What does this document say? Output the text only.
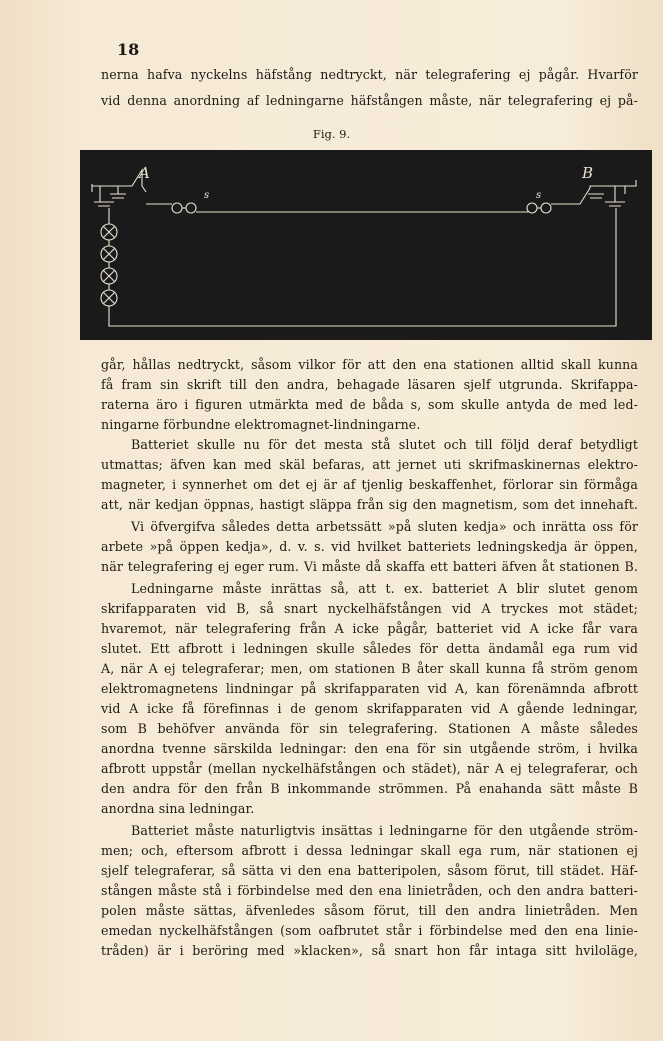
18
nerna hafva nyckelns häfstång nedtryckt, när telegrafering ej pågår. Hvarför
vid denna anordning af ledningarne häfstången måste, när telegrafering ej på-
Fig. 9.
A	B
s	s
går, hållas nedtryckt, såsom vilkor för att den ena stationen alltid skall kunna
få fram sin skrift till den andra, behagade läsaren sjelf utgrunda. Skrifappa-
raterna äro i figuren utmärkta med de båda s, som skulle antyda de med led-
ningarne förbundne elektromagnet-lindningarne.
Batteriet skulle nu för det mesta stå slutet och till följd deraf betydligt
utmattas; äfven kan med skäl befaras, att jernet uti skrifmaskinernas elektro-
magneter, i synnerhet om det ej är af tjenlig beskaffenhet, förlorar sin förmåga
att, när kedjan öppnas, hastigt släppa från sig den magnetism, som det innehaft.
Vi öfvergifva således detta arbetssätt »på sluten kedja» och inrätta oss för
arbete »på öppen kedja», d. v. s. vid hvilket batteriets ledningskedja är öppen,
när telegrafering ej eger rum. Vi måste då skaffa ett batteri äfven åt stationen B.
Ledningarne måste inrättas så, att t. ex. batteriet A blir slutet genom
skrifapparaten vid B, så snart nyckelhäfstången vid A tryckes mot städet;
hvaremot, när telegrafering från A icke pågår, batteriet vid A icke får vara
slutet. Ett afbrott i ledningen skulle således för detta ändamål ega rum vid
A, när A ej telegraferar; men, om stationen B åter skall kunna få ström genom
elektromagnetens lindningar på skrifapparaten vid A, kan förenämnda afbrott
vid A icke få förefinnas i de genom skrifapparaten vid A gående ledningar,
som B behöfver använda för sin telegrafering. Stationen A måste således
anordna tvenne särskilda ledningar: den ena för sin utgående ström, i hvilka
afbrott uppstår (mellan nyckelhäfstången och städet), när A ej telegraferar, och
den andra för den från B inkommande strömmen. På enahanda sätt måste B
anordna sina ledningar.
Batteriet måste naturligtvis insättas i ledningarne för den utgående ström-
men; och, eftersom afbrott i dessa ledningar skall ega rum, när stationen ej
sjelf telegraferar, så sätta vi den ena batteripolen, såsom förut, till städet. Häf-
stången måste stå i förbindelse med den ena linietråden, och den andra batteri-
polen måste sättas, äfvenledes såsom förut, till den andra linietråden. Men
emedan nyckelhäfstången (som oafbrutet står i förbindelse med den ena linie-
tråden) är i beröring med »klacken», så snart hon får intaga sitt hviloläge,
